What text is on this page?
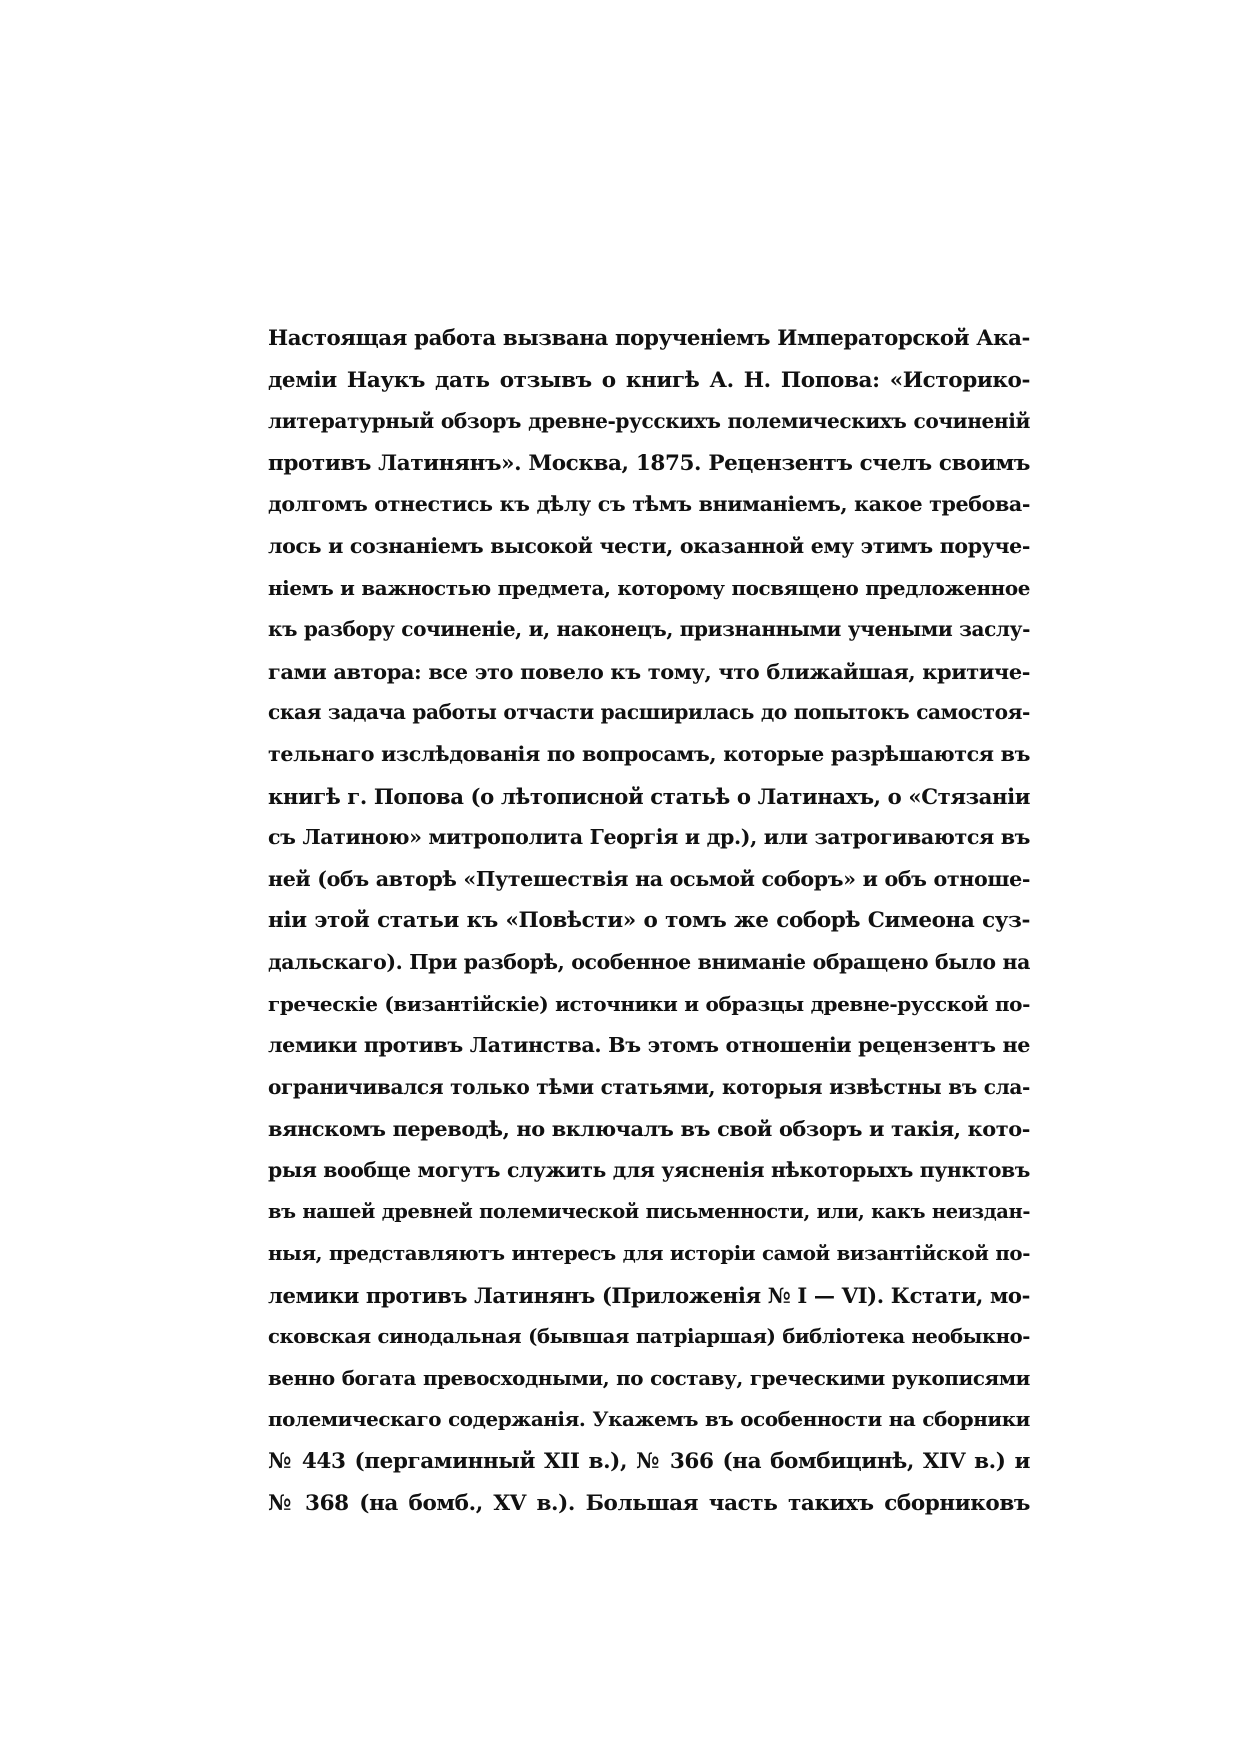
Настоящая работа вызвана порученіемъ Императорской Ака-
деміи Наукъ дать отзывъ о книгѣ А. Н. Попова: «Историко-
литературный обзоръ древне-русскихъ полемическихъ сочиненій
противъ Латинянъ». Москва, 1875. Рецензентъ счелъ своимъ
долгомъ отнестись къ дѣлу съ тѣмъ вниманіемъ, какое требова-
лось и сознаніемъ высокой чести, оказанной ему этимъ поруче-
ніемъ и важностью предмета, которому посвящено предложенное
къ разбору сочиненіе, и, наконецъ, признанными учеными заслу-
гами автора: все это повело къ тому, что ближайшая, критиче-
ская задача работы отчасти расширилась до попытокъ самостоя-
тельнаго изслѣдованія по вопросамъ, которые разрѣшаются въ
книгѣ г. Попова (о лѣтописной статьѣ о Латинахъ, о «Стязаніи
съ Латиною» митрополита Георгія и др.), или затрогиваются въ
ней (объ авторѣ «Путешествія на осьмой соборъ» и объ отноше-
ніи этой статьи къ «Повѣсти» о томъ же соборѣ Симеона суз-
дальскаго). При разборѣ, особенное вниманіе обращено было на
греческіе (византійскіе) источники и образцы древне-русской по-
лемики противъ Латинства. Въ этомъ отношеніи рецензентъ не
ограничивался только тѣми статьями, которыя извѣстны въ сла-
вянскомъ переводѣ, но включалъ въ свой обзоръ и такія, кото-
рыя вообще могутъ служить для уясненія нѣкоторыхъ пунктовъ
въ нашей древней полемической письменности, или, какъ неиздан-
ныя, представляютъ интересъ для исторіи самой византійской по-
лемики противъ Латинянъ (Приложенія № I — VI). Кстати, мо-
сковская синодальная (бывшая патріаршая) библіотека необыкно-
венно богата превосходными, по составу, греческими рукописями
полемическаго содержанія. Укажемъ въ особенности на сборники
№ 443 (пергаминный XII в.), № 366 (на бомбицинѣ, XIV в.) и
№ 368 (на бомб., XV в.). Большая часть такихъ сборниковъ
